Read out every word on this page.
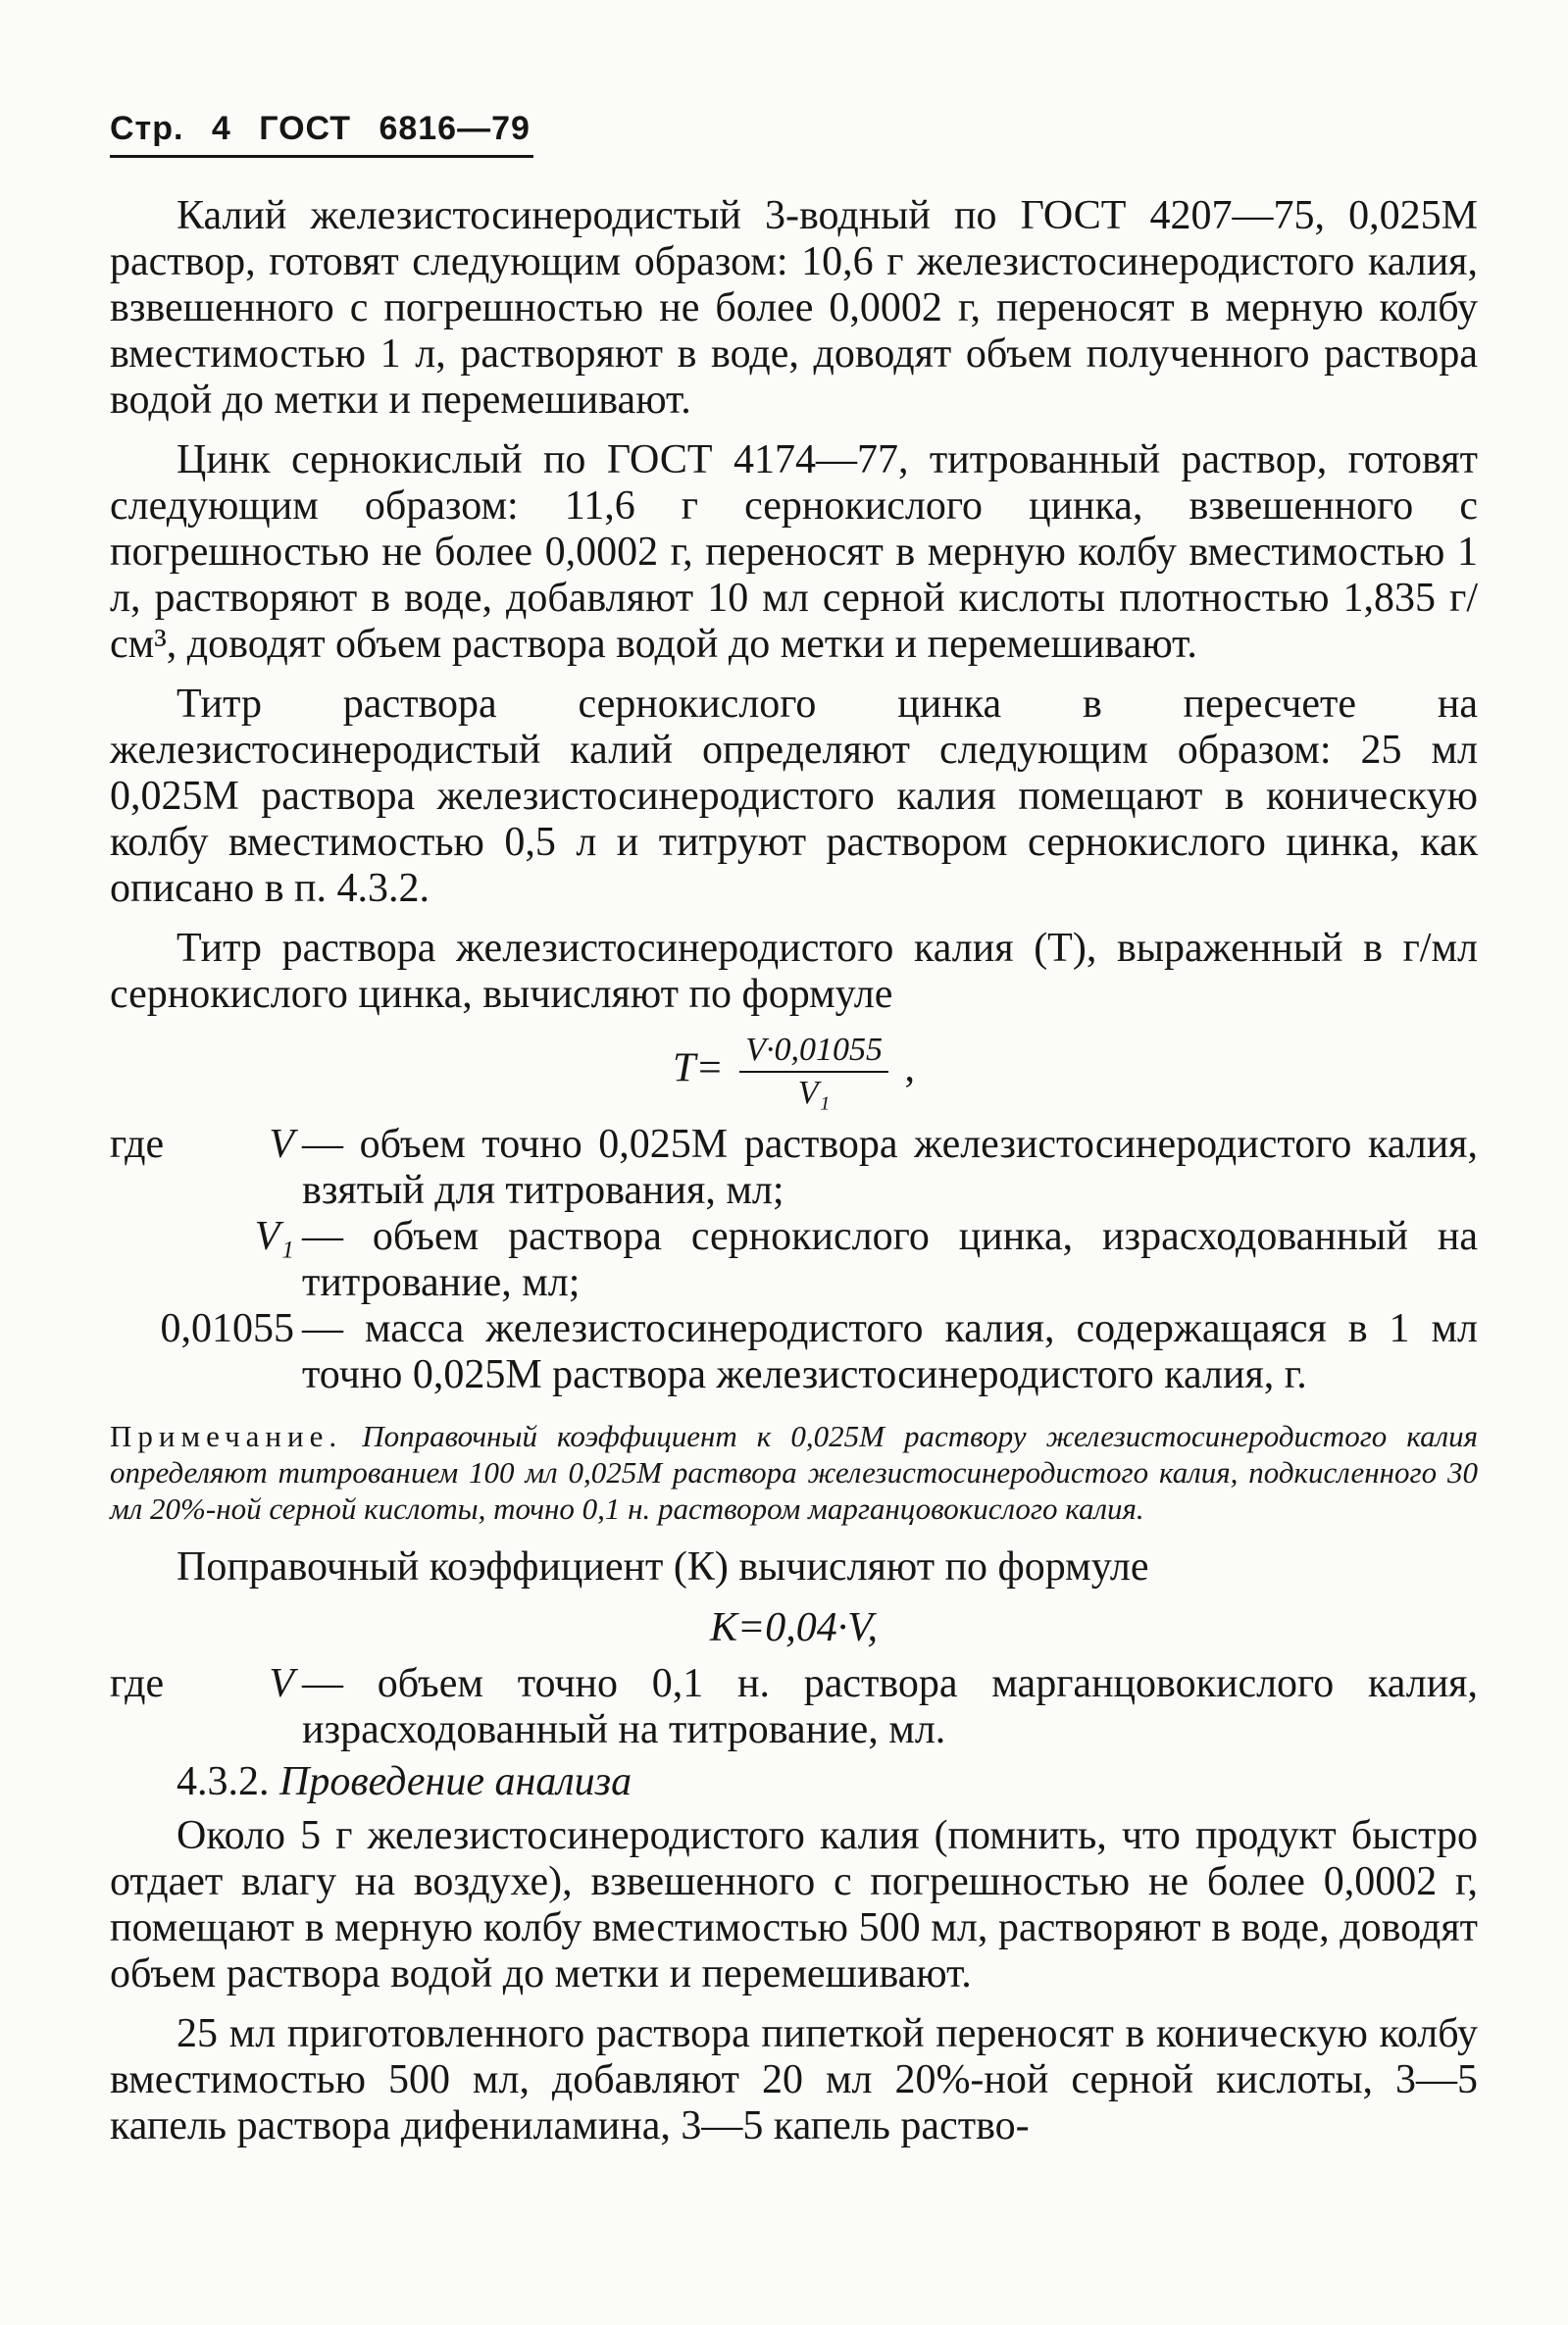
Стр. 4 ГОСТ 6816—79

Калий железистосинеродистый 3-водный по ГОСТ 4207—75, 0,025М раствор, готовят следующим образом: 10,6 г железистосинеродистого калия, взвешенного с погрешностью не более 0,0002 г, переносят в мерную колбу вместимостью 1 л, растворяют в воде, доводят объем полученного раствора водой до метки и перемешивают.

Цинк сернокислый по ГОСТ 4174—77, титрованный раствор, готовят следующим образом: 11,6 г сернокислого цинка, взвешенного с погрешностью не более 0,0002 г, переносят в мерную колбу вместимостью 1 л, растворяют в воде, добавляют 10 мл серной кислоты плотностью 1,835 г/см³, доводят объем раствора водой до метки и перемешивают.

Титр раствора сернокислого цинка в пересчете на железистосинеродистый калий определяют следующим образом: 25 мл 0,025М раствора железистосинеродистого калия помещают в коническую колбу вместимостью 0,5 л и титруют раствором сернокислого цинка, как описано в п. 4.3.2.

Титр раствора железистосинеродистого калия (Т), выраженный в г/мл сернокислого цинка, вычисляют по формуле

$T= \frac{V\cdot 0,01055}{\text{V₁}}$ ,
где	V — объем точно 0,025М раствора железистосинеродистого калия, взятый для титрования, мл;
V₁ — объем раствора сернокислого цинка, израсходованный на титрование, мл;
0,01055 — масса железистосинеродистого калия, содержащаяся в 1 мл точно 0,025М раствора железистосинеродистого калия, г.
Примечание. Поправочный коэффициент к 0,025М раствору железистосинеродистого калия определяют титрованием 100 мл 0,025М раствора железистосинеродистого калия, подкисленного 30 мл 20%-ной серной кислоты, точно 0,1 н. раствором марганцовокислого калия.

Поправочный коэффициент (К) вычисляют по формуле

К=0,04·V,
где	V — объем точно 0,1 н. раствора марганцовокислого калия, израсходованный на титрование, мл.
4.3.2. Проведение анализа

Около 5 г железистосинеродистого калия (помнить, что продукт быстро отдает влагу на воздухе), взвешенного с погрешностью не более 0,0002 г, помещают в мерную колбу вместимостью 500 мл, растворяют в воде, доводят объем раствора водой до метки и перемешивают.

25 мл приготовленного раствора пипеткой переносят в коническую колбу вместимостью 500 мл, добавляют 20 мл 20%-ной серной кислоты, 3—5 капель раствора дифениламина, 3—5 капель раство-
